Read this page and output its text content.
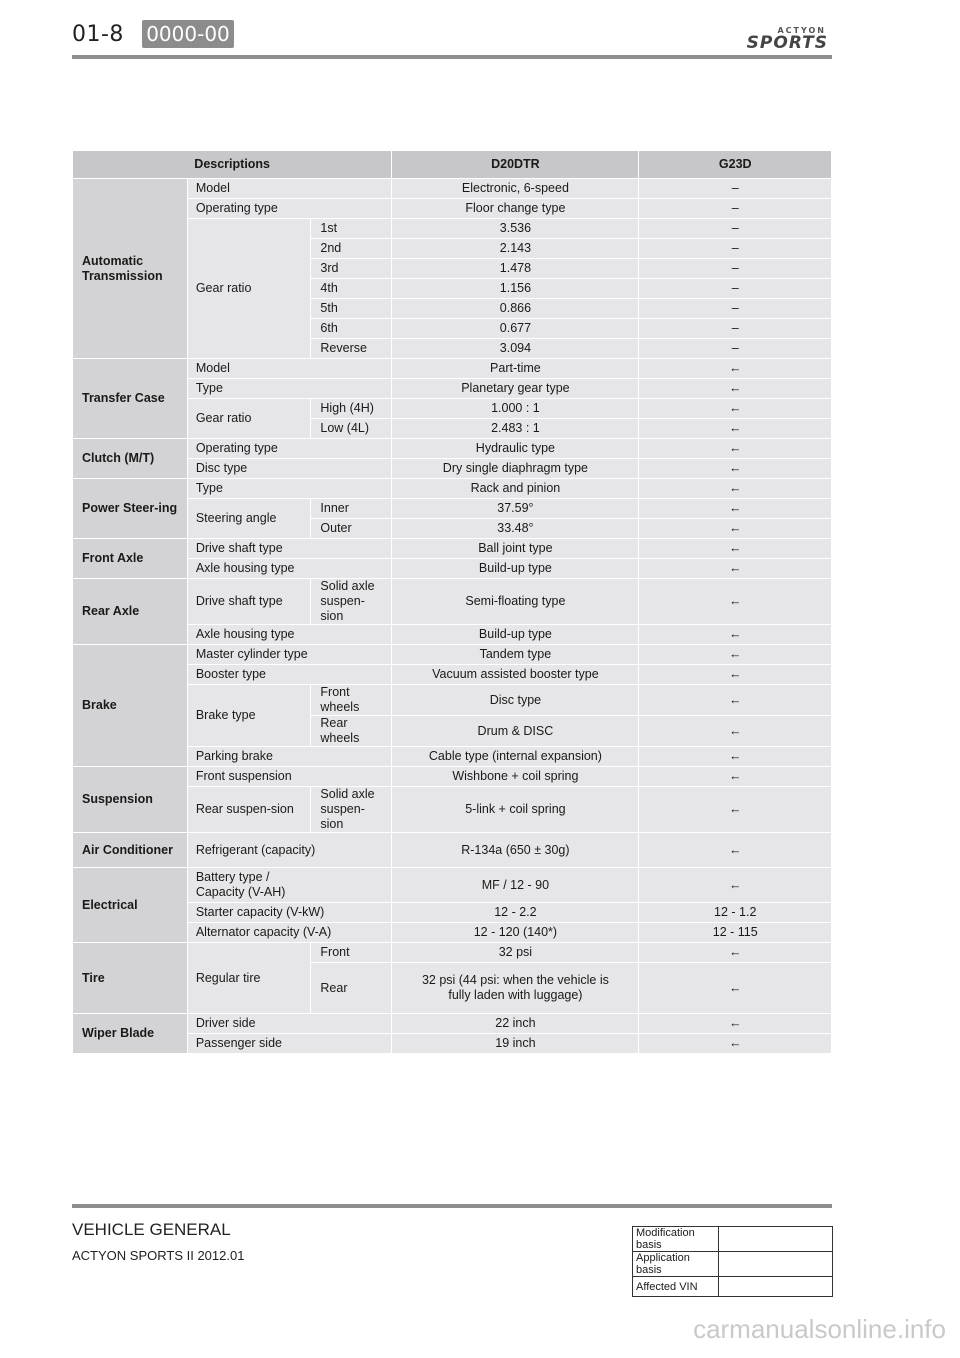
01-8 0000-00	ACTYON
SPORTS
Descriptions			D20DTR	G23D
Automatic Transmission	Model		Electronic, 6-speed	–
	Operating type		Floor change type	–
	Gear ratio	1st	3.536	–
		2nd	2.143	–
		3rd	1.478	–
		4th	1.156	–
		5th	0.866	–
		6th	0.677	–
		Reverse	3.094	–
Transfer Case	Model		Part-time	←
	Type		Planetary gear type	←
	Gear ratio	High (4H)	1.000 : 1	←
		Low (4L)	2.483 : 1	←
Clutch (M/T)	Operating type		Hydraulic type	←
	Disc type		Dry single diaphragm type	←
Power Steer-ing	Type		Rack and pinion	←
	Steering angle	Inner	37.59°	←
		Outer	33.48°	←
Front Axle	Drive shaft type		Ball joint type	←
	Axle housing type		Build-up type	←
Rear Axle	Drive shaft type	Solid axle suspen-sion	Semi-floating type	←
	Axle housing type		Build-up type	←
Brake	Master cylinder type		Tandem type	←
	Booster type		Vacuum assisted booster type	←
	Brake type	Front wheels	Disc type	←
		Rear wheels	Drum & DISC	←
	Parking brake		Cable type (internal expansion)	←
Suspension	Front suspension		Wishbone + coil spring	←
	Rear suspen-sion	Solid axle suspen-sion	5-link + coil spring	←
Air Conditioner	Refrigerant (capacity)		R-134a (650 ± 30g)	←
Electrical	Battery type / Capacity (V-AH)		MF / 12 - 90	←
	Starter capacity (V-kW)		12 - 2.2	12 - 1.2
	Alternator capacity (V-A)		12 - 120 (140*)	12 - 115
Tire	Regular tire	Front	32 psi	←
		Rear	32 psi (44 psi: when the vehicle is fully laden with luggage)	←
Wiper Blade	Driver side		22 inch	←
	Passenger side		19 inch	←
VEHICLE GENERAL
ACTYON SPORTS II 2012.01
Modification basis	
Application basis	
Affected VIN	
carmanualsonline.info
